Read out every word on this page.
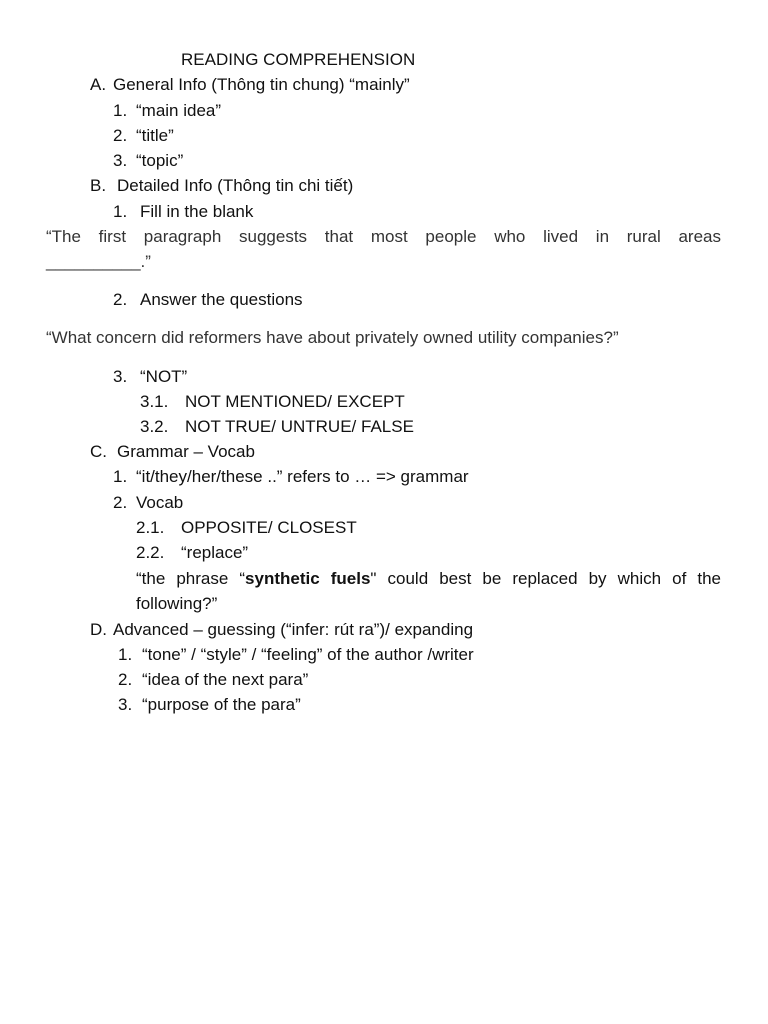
READING COMPREHENSION
A. General Info (Thông tin chung) “mainly”
1. “main idea”
2. “title”
3. “topic”
B. Detailed Info (Thông tin chi tiết)
1. Fill in the blank
“The first paragraph suggests that most people who lived in rural areas
__________.”
2. Answer the questions
“What concern did reformers have about privately owned utility companies?”
3. “NOT”
3.1. NOT MENTIONED/ EXCEPT
3.2. NOT TRUE/ UNTRUE/ FALSE
C. Grammar – Vocab
1. “it/they/her/these ..” refers to … => grammar
2. Vocab
2.1. OPPOSITE/ CLOSEST
2.2. “replace”
“the phrase “synthetic fuels" could best be replaced by which of the
following?”
D. Advanced – guessing (“infer: rút ra”)/ expanding
1. “tone” / “style” / “feeling” of the author /writer
2. “idea of the next para”
3. “purpose of the para”
